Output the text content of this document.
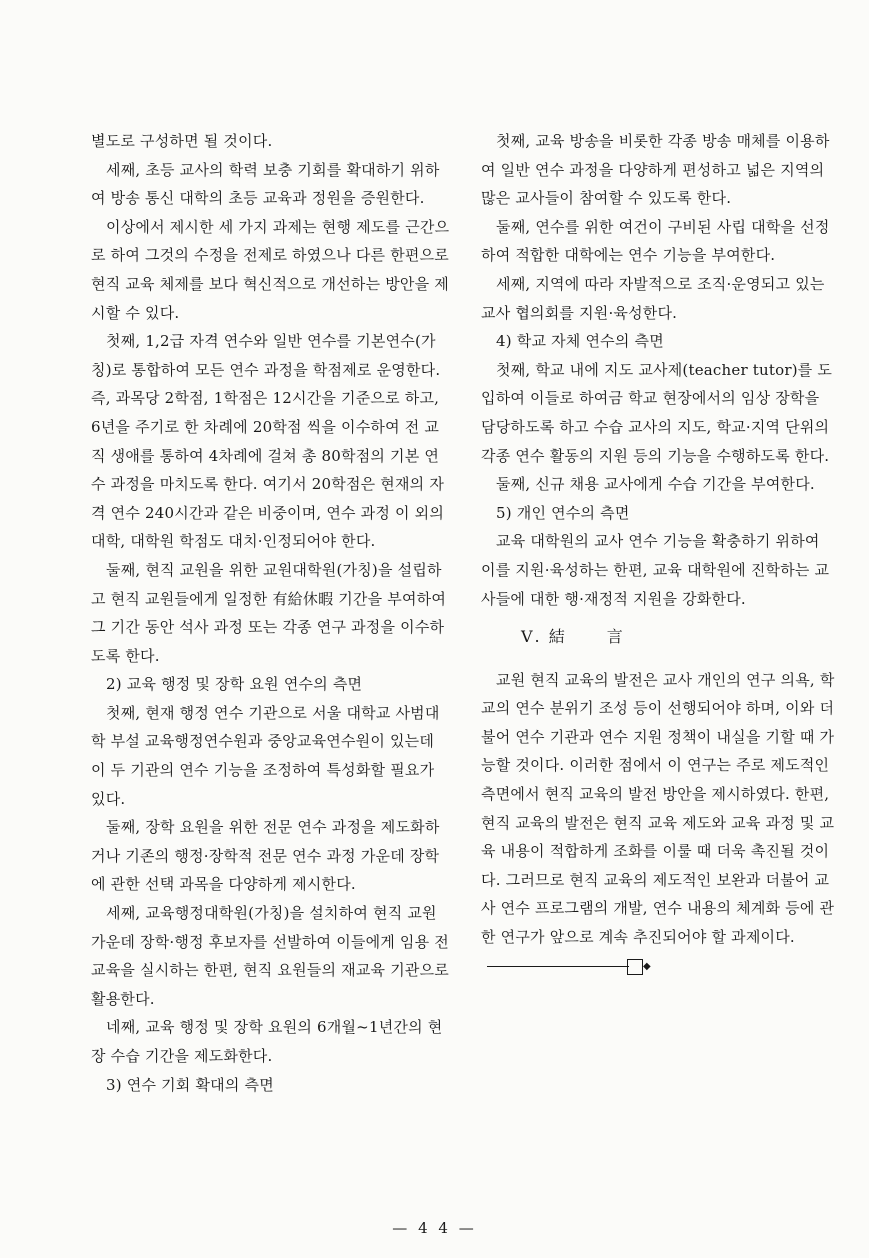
별도로 구성하면 될 것이다.

세째, 초등 교사의 학력 보충 기회를 확대하기 위하여 방송 통신 대학의 초등 교육과 정원을 증원한다.

이상에서 제시한 세 가지 과제는 현행 제도를 근간으로 하여 그것의 수정을 전제로 하였으나 다른 한편으로 현직 교육 체제를 보다 혁신적으로 개선하는 방안을 제시할 수 있다.

첫째, 1,2급 자격 연수와 일반 연수를 기본연수(가칭)로 통합하여 모든 연수 과정을 학점제로 운영한다. 즉, 과목당 2학점, 1학점은 12시간을 기준으로 하고, 6년을 주기로 한 차례에 20학점 씩을 이수하여 전 교직 생애를 통하여 4차례에 걸쳐 총 80학점의 기본 연수 과정을 마치도록 한다. 여기서 20학점은 현재의 자격 연수 240시간과 같은 비중이며, 연수 과정 이 외의 대학, 대학원 학점도 대치·인정되어야 한다.

둘째, 현직 교원을 위한 교원대학원(가칭)을 설립하고 현직 교원들에게 일정한 有給休暇 기간을 부여하여 그 기간 동안 석사 과정 또는 각종 연구 과정을 이수하도록 한다.

2) 교육 행정 및 장학 요원 연수의 측면

첫째, 현재 행정 연수 기관으로 서울 대학교 사범대학 부설 교육행정연수원과 중앙교육연수원이 있는데 이 두 기관의 연수 기능을 조정하여 특성화할 필요가 있다.

둘째, 장학 요원을 위한 전문 연수 과정을 제도화하거나 기존의 행정·장학적 전문 연수 과정 가운데 장학에 관한 선택 과목을 다양하게 제시한다.

세째, 교육행정대학원(가칭)을 설치하여 현직 교원 가운데 장학·행정 후보자를 선발하여 이들에게 임용 전 교육을 실시하는 한편, 현직 요원들의 재교육 기관으로 활용한다.

네째, 교육 행정 및 장학 요원의 6개월~1년간의 현장 수습 기간을 제도화한다.

3) 연수 기회 확대의 측면

첫째, 교육 방송을 비롯한 각종 방송 매체를 이용하여 일반 연수 과정을 다양하게 편성하고 넓은 지역의 많은 교사들이 참여할 수 있도록 한다.

둘째, 연수를 위한 여건이 구비된 사립 대학을 선정하여 적합한 대학에는 연수 기능을 부여한다.

세째, 지역에 따라 자발적으로 조직·운영되고 있는 교사 협의회를 지원·육성한다.

4) 학교 자체 연수의 측면

첫째, 학교 내에 지도 교사제(teacher tutor)를 도입하여 이들로 하여금 학교 현장에서의 임상 장학을 담당하도록 하고 수습 교사의 지도, 학교·지역 단위의 각종 연수 활동의 지원 등의 기능을 수행하도록 한다.

둘째, 신규 채용 교사에게 수습 기간을 부여한다.

5) 개인 연수의 측면

교육 대학원의 교사 연수 기능을 확충하기 위하여 이를 지원·육성하는 한편, 교육 대학원에 진학하는 교사들에 대한 행·재정적 지원을 강화한다.

Ⅴ. 結	言

교원 현직 교육의 발전은 교사 개인의 연구 의욕, 학교의 연수 분위기 조성 등이 선행되어야 하며, 이와 더불어 연수 기관과 연수 지원 정책이 내실을 기할 때 가능할 것이다. 이러한 점에서 이 연구는 주로 제도적인 측면에서 현직 교육의 발전 방안을 제시하였다. 한편, 현직 교육의 발전은 현직 교육 제도와 교육 과정 및 교육 내용이 적합하게 조화를 이룰 때 더욱 촉진될 것이다. 그러므로 현직 교육의 제도적인 보완과 더불어 교사 연수 프로그램의 개발, 연수 내용의 체계화 등에 관한 연구가 앞으로 계속 추진되어야 할 과제이다.◆

— 4 4 —
